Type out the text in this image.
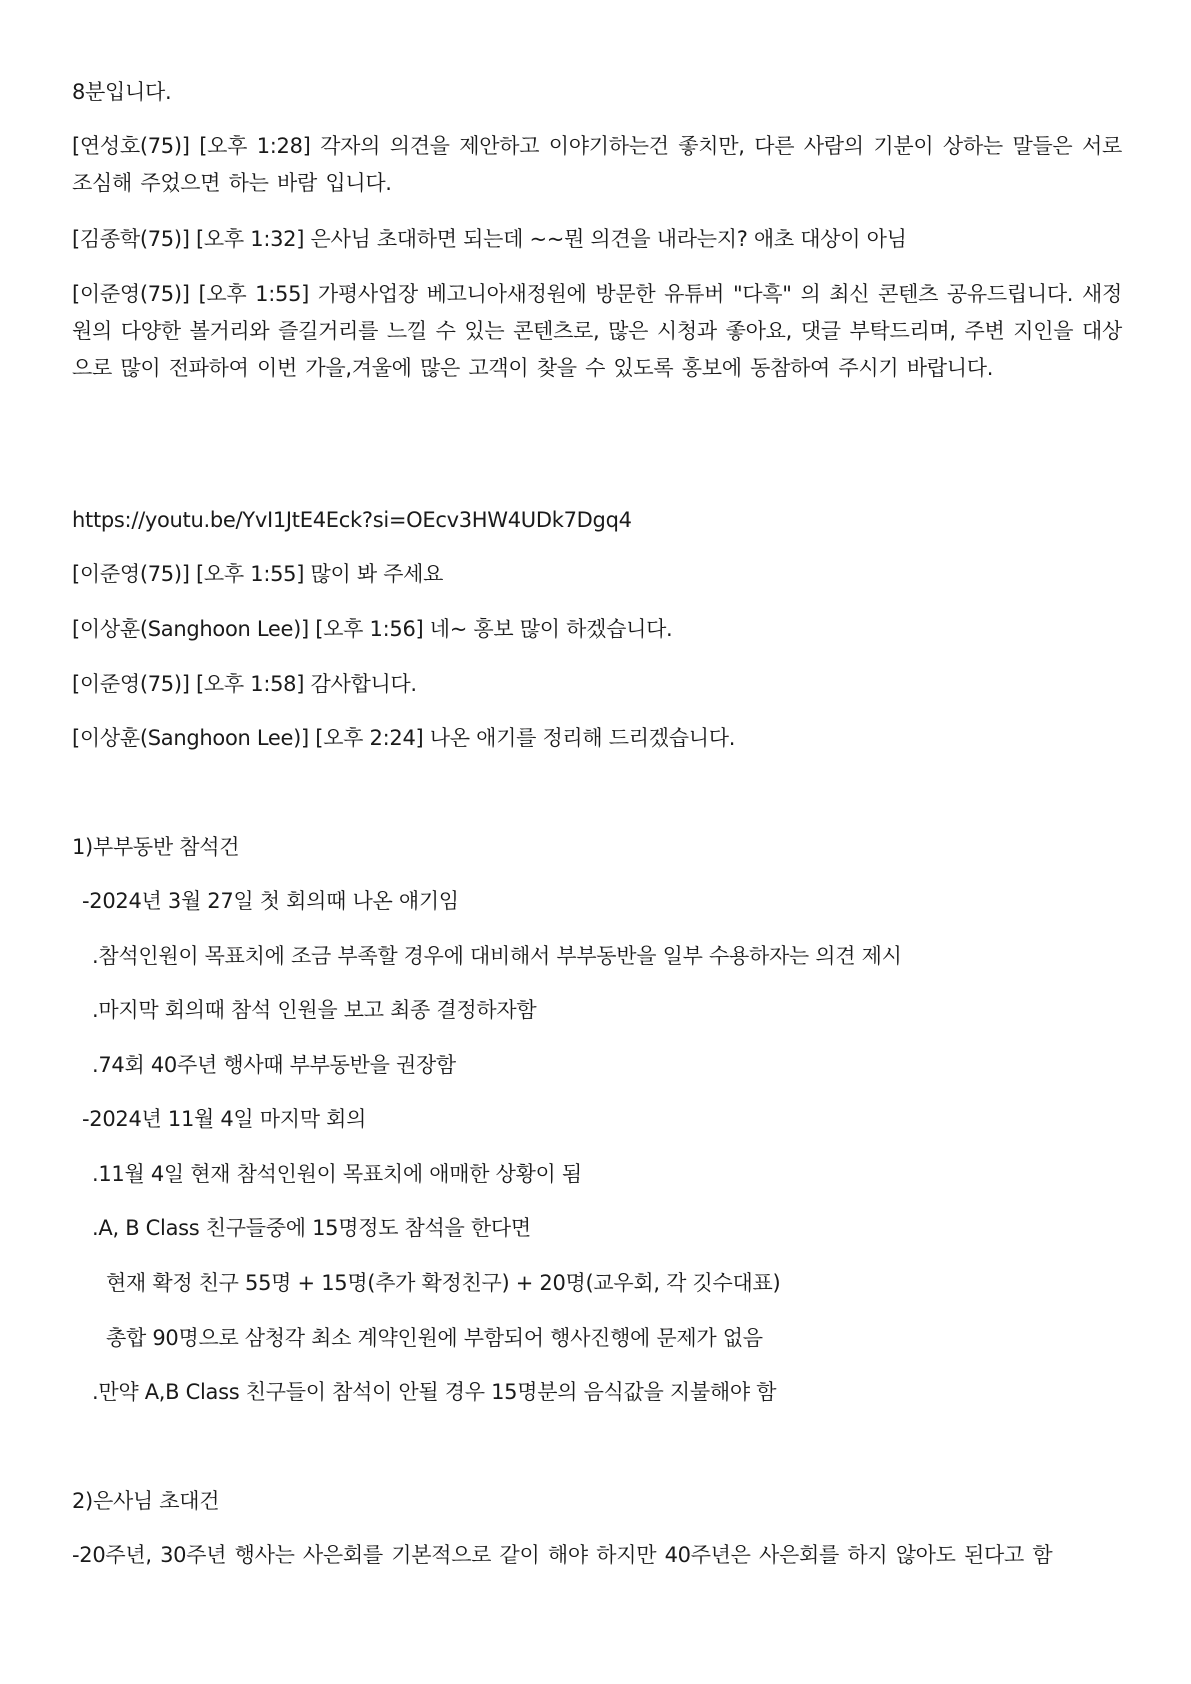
8분입니다.
[연성호(75)] [오후 1:28] 각자의 의견을 제안하고 이야기하는건 좋치만, 다른 사람의 기분이 상하는 말들은 서로 조심해 주었으면 하는 바람 입니다.
[김종학(75)] [오후 1:32] 은사님 초대하면 되는데 ~~뭔 의견을 내라는지? 애초 대상이 아님
[이준영(75)] [오후 1:55] 가평사업장 베고니아새정원에 방문한 유튜버 "다흑" 의 최신 콘텐츠 공유드립니다. 새정원의 다양한 볼거리와 즐길거리를 느낄 수 있는 콘텐츠로, 많은 시청과 좋아요, 댓글 부탁드리며, 주변 지인을 대상으로 많이 전파하여 이번 가을,겨울에 많은 고객이 찾을 수 있도록 홍보에 동참하여 주시기 바랍니다.
https://youtu.be/YvI1JtE4Eck?si=OEcv3HW4UDk7Dgq4
[이준영(75)] [오후 1:55] 많이 봐 주세요
[이상훈(Sanghoon Lee)] [오후 1:56] 네~ 홍보 많이 하겠습니다.
[이준영(75)] [오후 1:58] 감사합니다.
[이상훈(Sanghoon Lee)] [오후 2:24] 나온 애기를 정리해 드리겠습니다.
1)부부동반 참석건
-2024년 3월 27일 첫 회의때 나온 얘기임
.참석인원이 목표치에 조금 부족할 경우에 대비해서 부부동반을 일부 수용하자는 의견 제시
.마지막 회의때 참석 인원을 보고 최종 결정하자함
.74회 40주년 행사때 부부동반을 권장함
-2024년 11월 4일 마지막 회의
.11월 4일 현재 참석인원이 목표치에 애매한 상황이 됨
.A, B Class 친구들중에 15명정도 참석을 한다면
현재 확정 친구 55명 + 15명(추가 확정친구) + 20명(교우회, 각 깃수대표)
총합 90명으로 삼청각 최소 계약인원에 부함되어 행사진행에 문제가 없음
.만약 A,B Class 친구들이 참석이 안될 경우 15명분의 음식값을 지불해야 함
2)은사님 초대건
-20주년, 30주년 행사는 사은회를 기본적으로 같이 해야 하지만 40주년은 사은회를 하지 않아도 된다고 함
